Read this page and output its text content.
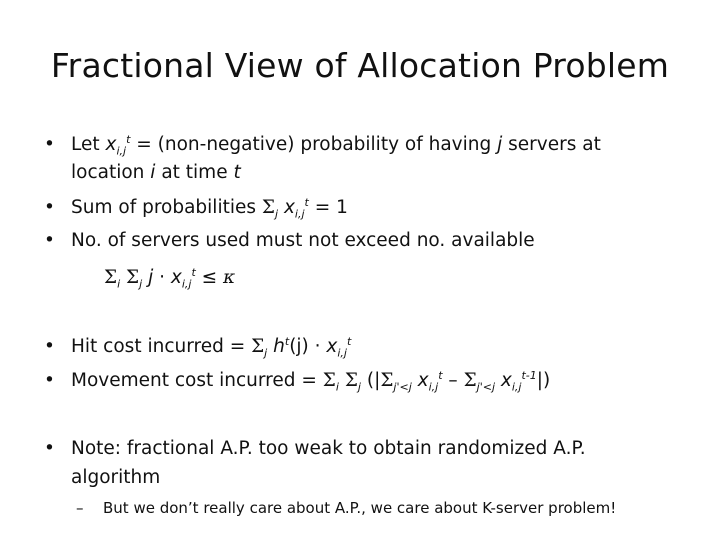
Fractional View of Allocation Problem
• Let $x_{i,j}^t$ = (non-negative) probability of having j servers at
location i at time t
• Sum of probabilities $\Sigma_j$ $x_{i,j}^t = 1$
• No. of servers used must not exceed no. available
$\Sigma_i$ $\Sigma_j$ $j \cdot x_{i,j}^t \le \kappa$
• Hit cost incurred = $\Sigma_j$ $h^t(j) \cdot x_{i,j}^t$
• Movement cost incurred = $\Sigma_i$ $\Sigma_j$ ($|\Sigma_{j'<j}$ $x_{i,j}^t - \Sigma_{j'<j}$ $x_{i,j}^{t-1}|$)
• Note: fractional A.P. too weak to obtain randomized A.P.
algorithm
– But we don’t really care about A.P., we care about K-server problem!
